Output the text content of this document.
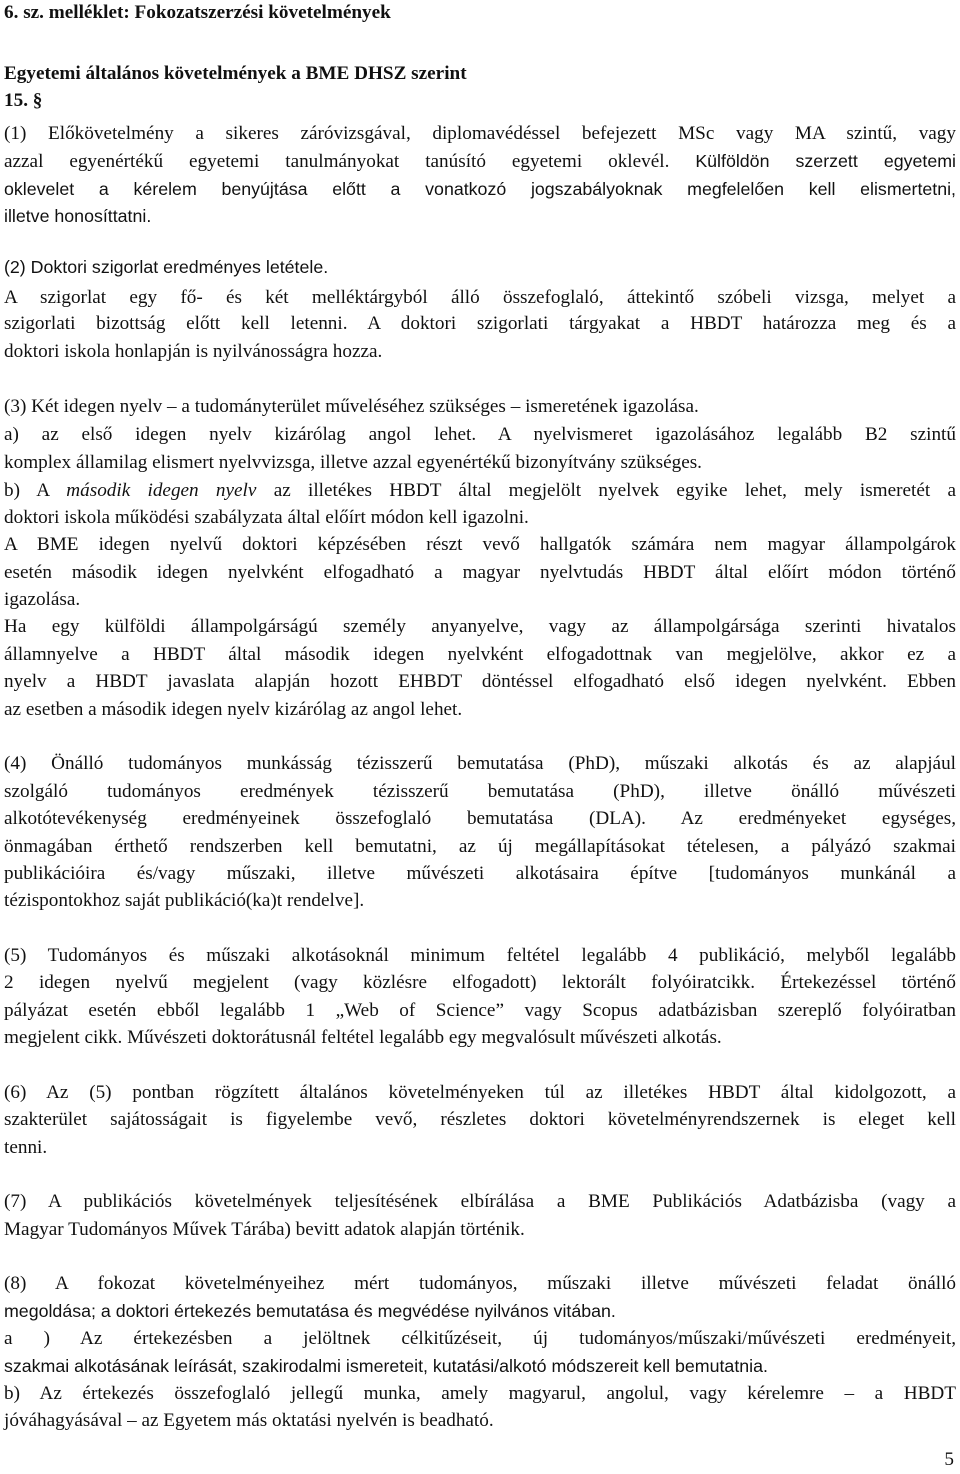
6. sz. melléklet: Fokozatszerzési követelmények
Egyetemi általános követelmények a BME DHSZ szerint
15. §
(1) Előkövetelmény a sikeres záróvizsgával, diplomavédéssel befejezett MSc vagy MA szintű, vagy
azzal egyenértékű egyetemi tanulmányokat tanúsító egyetemi oklevél. Külföldön szerzett egyetemi
oklevelet a kérelem benyújtása előtt a vonatkozó jogszabályoknak megfelelően kell elismertetni,
illetve honosíttatni.
(2) Doktori szigorlat eredményes letétele.
A szigorlat egy fő- és két melléktárgyból álló összefoglaló, áttekintő szóbeli vizsga, melyet a
szigorlati bizottság előtt kell letenni. A doktori szigorlati tárgyakat a HBDT határozza meg és a
doktori iskola honlapján is nyilvánosságra hozza.
(3) Két idegen nyelv – a tudományterület műveléséhez szükséges – ismeretének igazolása.
a) az első idegen nyelv kizárólag angol lehet. A nyelvismeret igazolásához legalább B2 szintű
komplex államilag elismert nyelvvizsga, illetve azzal egyenértékű bizonyítvány szükséges.
b) A második idegen nyelv az illetékes HBDT által megjelölt nyelvek egyike lehet, mely ismeretét a
doktori iskola működési szabályzata által előírt módon kell igazolni.
A BME idegen nyelvű doktori képzésében részt vevő hallgatók számára nem magyar állampolgárok
esetén második idegen nyelvként elfogadható a magyar nyelvtudás HBDT által előírt módon történő
igazolása.
Ha egy külföldi állampolgárságú személy anyanyelve, vagy az állampolgársága szerinti hivatalos
államnyelve a HBDT által második idegen nyelvként elfogadottnak van megjelölve, akkor ez a
nyelv a HBDT javaslata alapján hozott EHBDT döntéssel elfogadható első idegen nyelvként. Ebben
az esetben a második idegen nyelv kizárólag az angol lehet.
(4) Önálló tudományos munkásság tézisszerű bemutatása (PhD), műszaki alkotás és az alapjául
szolgáló tudományos eredmények tézisszerű bemutatása (PhD), illetve önálló művészeti
alkotótevékenység eredményeinek összefoglaló bemutatása (DLA). Az eredményeket egységes,
önmagában érthető rendszerben kell bemutatni, az új megállapításokat tételesen, a pályázó szakmai
publikációira és/vagy műszaki, illetve művészeti alkotásaira építve [tudományos munkánál a
tézispontokhoz saját publikáció(ka)t rendelve].
(5) Tudományos és műszaki alkotásoknál minimum feltétel legalább 4 publikáció, melyből legalább
2 idegen nyelvű megjelent (vagy közlésre elfogadott) lektorált folyóiratcikk. Értekezéssel történő
pályázat esetén ebből legalább 1 „Web of Science” vagy Scopus adatbázisban szereplő folyóiratban
megjelent cikk. Művészeti doktorátusnál feltétel legalább egy megvalósult művészeti alkotás.
(6) Az (5) pontban rögzített általános követelményeken túl az illetékes HBDT által kidolgozott, a
szakterület sajátosságait is figyelembe vevő, részletes doktori követelményrendszernek is eleget kell
tenni.
(7) A publikációs követelmények teljesítésének elbírálása a BME Publikációs Adatbázisba (vagy a
Magyar Tudományos Művek Tárába) bevitt adatok alapján történik.
(8) A fokozat követelményeihez mért tudományos, műszaki illetve művészeti feladat önálló
megoldása; a doktori értekezés bemutatása és megvédése nyilvános vitában.
a ) Az értekezésben a jelöltnek célkitűzéseit, új tudományos/műszaki/művészeti eredményeit,
szakmai alkotásának leírását, szakirodalmi ismereteit, kutatási/alkotó módszereit kell bemutatnia.
b) Az értekezés összefoglaló jellegű munka, amely magyarul, angolul, vagy kérelemre – a HBDT
jóváhagyásával – az Egyetem más oktatási nyelvén is beadható.
5
